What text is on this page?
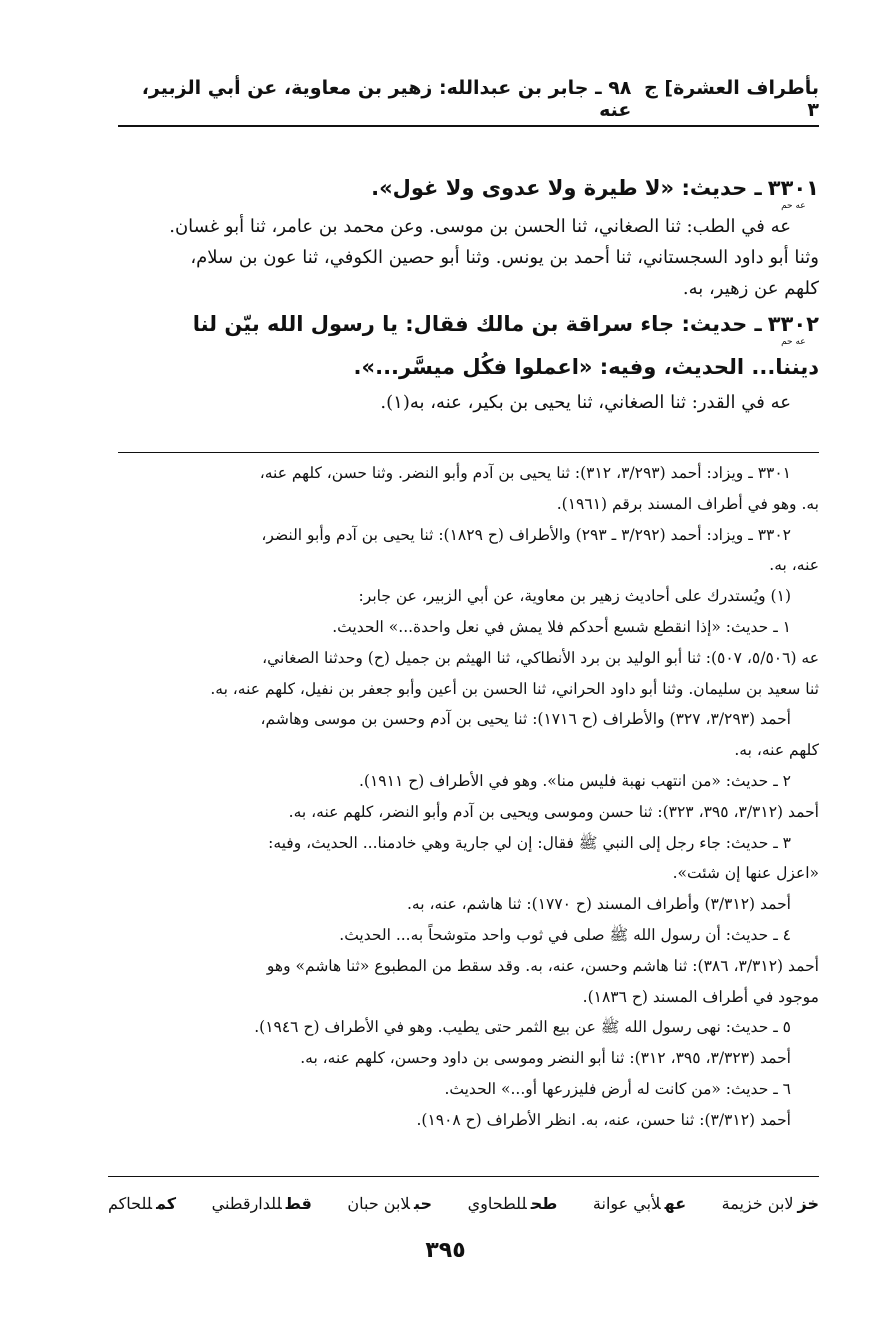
بأطراف العشرة] ج ٣
٩٨ ـ جابر بن عبدالله: زهير بن معاوية، عن أبي الزبير، عنه
٣٣٠١
عه حم
ـ حديث: «لا طيرة ولا عدوى ولا غول».

عه في الطب: ثنا الصغاني، ثنا الحسن بن موسى. وعن محمد بن عامر، ثنا أبو غسان.

وثنا أبو داود السجستاني، ثنا أحمد بن يونس. وثنا أبو حصين الكوفي، ثنا عون بن سلام،

كلهم عن زهير، به.

٣٣٠٢
عه حم
ـ حديث: جاء سراقة بن مالك فقال: يا رسول الله بيّن لنا
ديننا... الحديث، وفيه: «اعملوا فكُل ميسَّر...».

عه في القدر: ثنا الصغاني، ثنا يحيى بن بكير، عنه، به(١).

٣٣٠١ ـ ويزاد: أحمد (٣/٢٩٣، ٣١٢): ثنا يحيى بن آدم وأبو النضر. وثنا حسن، كلهم عنه،

به. وهو في أطراف المسند برقم (١٩٦١).

٣٣٠٢ ـ ويزاد: أحمد (٣/٢٩٢ ـ ٢٩٣) والأطراف (ح ١٨٢٩): ثنا يحيى بن آدم وأبو النضر،

عنه، به.

(١) ويُستدرك على أحاديث زهير بن معاوية، عن أبي الزبير، عن جابر:

١ ـ حديث: «إذا انقطع شسع أحدكم فلا يمش في نعل واحدة...» الحديث.

عه (٥/٥٠٦، ٥٠٧): ثنا أبو الوليد بن برد الأنطاكي، ثنا الهيثم بن جميل (ح) وحدثنا الصغاني،

ثنا سعيد بن سليمان. وثنا أبو داود الحراني، ثنا الحسن بن أعين وأبو جعفر بن نفيل، كلهم عنه، به.

أحمد (٣/٢٩٣، ٣٢٧) والأطراف (ح ١٧١٦): ثنا يحيى بن آدم وحسن بن موسى وهاشم،

كلهم عنه، به.

٢ ـ حديث: «من انتهب نهبة فليس منا». وهو في الأطراف (ح ١٩١١).

أحمد (٣/٣١٢، ٣٩٥، ٣٢٣): ثنا حسن وموسى ويحيى بن آدم وأبو النضر، كلهم عنه، به.

٣ ـ حديث: جاء رجل إلى النبي ﷺ فقال: إن لي جارية وهي خادمنا... الحديث، وفيه:

«اعزل عنها إن شئت».

أحمد (٣/٣١٢) وأطراف المسند (ح ١٧٧٠): ثنا هاشم، عنه، به.

٤ ـ حديث: أن رسول الله ﷺ صلى في ثوب واحد متوشحاً به... الحديث.

أحمد (٣/٣١٢، ٣٨٦): ثنا هاشم وحسن، عنه، به. وقد سقط من المطبوع «ثنا هاشم» وهو

موجود في أطراف المسند (ح ١٨٣٦).

٥ ـ حديث: نهى رسول الله ﷺ عن بيع الثمر حتى يطيب. وهو في الأطراف (ح ١٩٤٦).

أحمد (٣/٣٢٣، ٣٩٥، ٣١٢): ثنا أبو النضر وموسى بن داود وحسن، كلهم عنه، به.

٦ ـ حديث: «من كانت له أرض فليزرعها أو...» الحديث.

أحمد (٣/٣١٢): ثنا حسن، عنه، به. انظر الأطراف (ح ١٩٠٨).

خزلابن خزيمة
عهلأبي عوانة
طحللطحاوي
حبلابن حبان
قطللدارقطني
كمللحاكم
٣٩٥
